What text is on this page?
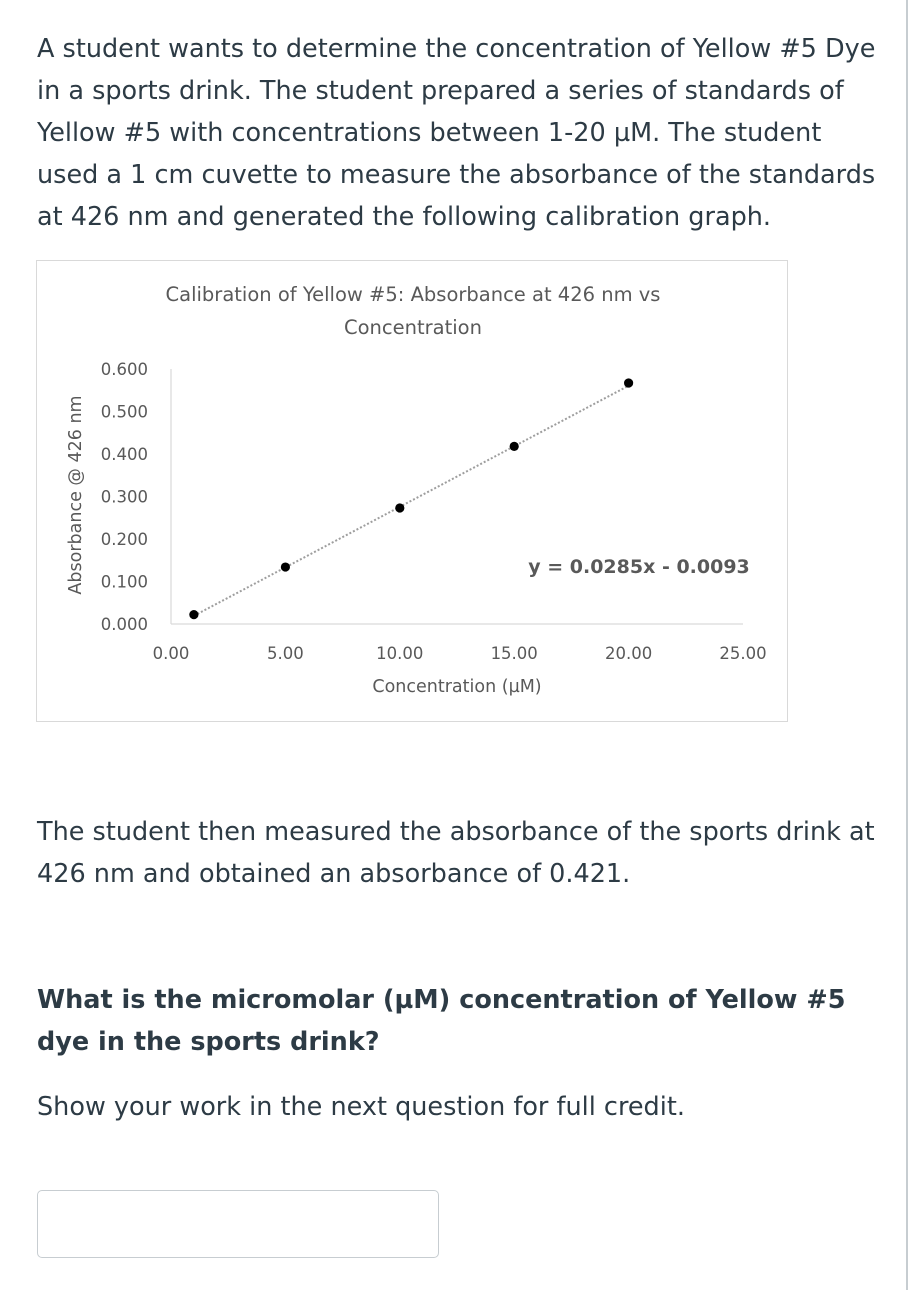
A student wants to determine the concentration of Yellow #5 Dye in a sports drink. The student prepared a series of standards of Yellow #5 with concentrations between 1-20 µM. The student used a 1 cm cuvette to measure the absorbance of the standards at 426 nm and generated the following calibration graph.

Calibration of Yellow #5: Absorbance at 426 nm vs
Concentration
0.000
0.100
0.200
0.300
0.400
0.500
0.600
0.00	5.00	10.00	15.00	20.00	25.00
Concentration (µM)
Absorbance @ 426 nm	y = 0.0285x - 0.0093

The student then measured the absorbance of the sports drink at 426 nm and obtained an absorbance of 0.421.

What is the micromolar (µM) concentration of Yellow #5 dye in the sports drink?

Show your work in the next question for full credit.
